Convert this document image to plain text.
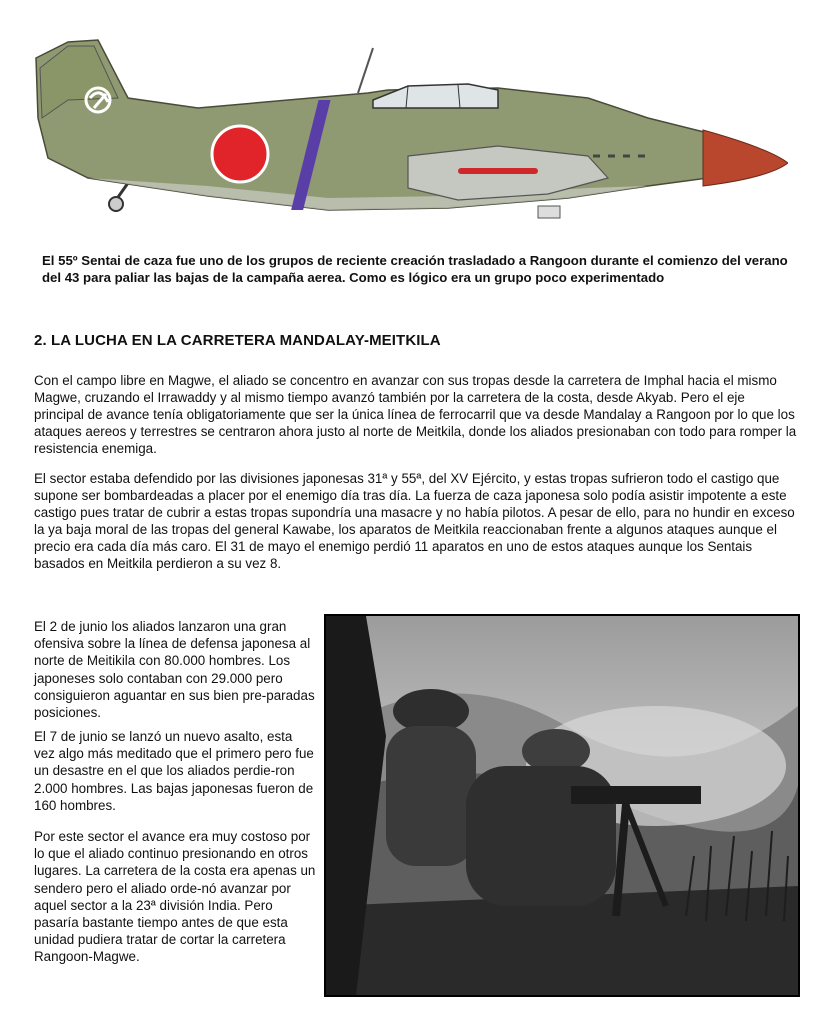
El 55º Sentai de caza fue uno de los grupos de reciente creación trasladado a Rangoon durante el comienzo del verano del 43 para paliar las bajas de la campaña aerea. Como es lógico era un grupo poco experimentado

2. LA LUCHA EN LA CARRETERA MANDALAY-MEITKILA

Con el campo libre en Magwe, el aliado se concentro en avanzar con sus tropas desde la carretera de Imphal hacia el mismo Magwe, cruzando el Irrawaddy y al mismo tiempo avanzó también por la carretera de la costa, desde Akyab. Pero el eje principal de avance tenía obligatoriamente que ser la única línea de ferrocarril que va desde Mandalay a Rangoon por lo que los ataques aereos y terrestres se centraron ahora justo al norte de Meitkila, donde los aliados presionaban con todo para romper la resistencia enemiga.

El sector estaba defendido por las divisiones japonesas 31ª y 55ª, del XV Ejército, y estas tropas sufrieron todo el castigo que supone ser bombardeadas a placer por el enemigo día tras día. La fuerza de caza japonesa solo podía asistir impotente a este castigo pues tratar de cubrir a estas tropas supondría una masacre y no había pilotos. A pesar de ello, para no hundir en exceso la ya baja moral de las tropas del general Kawabe, los aparatos de Meitkila reaccionaban frente a algunos ataques aunque el precio era cada día más caro. El 31 de mayo el enemigo perdió 11 aparatos en uno de estos ataques aunque los Sentais basados en Meitkila perdieron a su vez 8.

El 2 de junio los aliados lanzaron una gran ofensiva sobre la línea de defensa japonesa al norte de Meitikila con 80.000 hombres. Los japoneses solo contaban con 29.000 pero consiguieron aguantar en sus bien pre-paradas posiciones.

El 7 de junio se lanzó un nuevo asalto, esta vez algo más meditado que el primero pero fue un desastre en el que los aliados perdie-ron 2.000 hombres. Las bajas japonesas fueron de 160 hombres.

Por este sector el avance era muy costoso por lo que el aliado continuo presionando en otros lugares. La carretera de la costa era apenas un sendero pero el aliado orde-nó avanzar por aquel sector a la 23ª división India. Pero pasaría bastante tiempo antes de que esta unidad pudiera tratar de cortar la carretera Rangoon-Magwe.
